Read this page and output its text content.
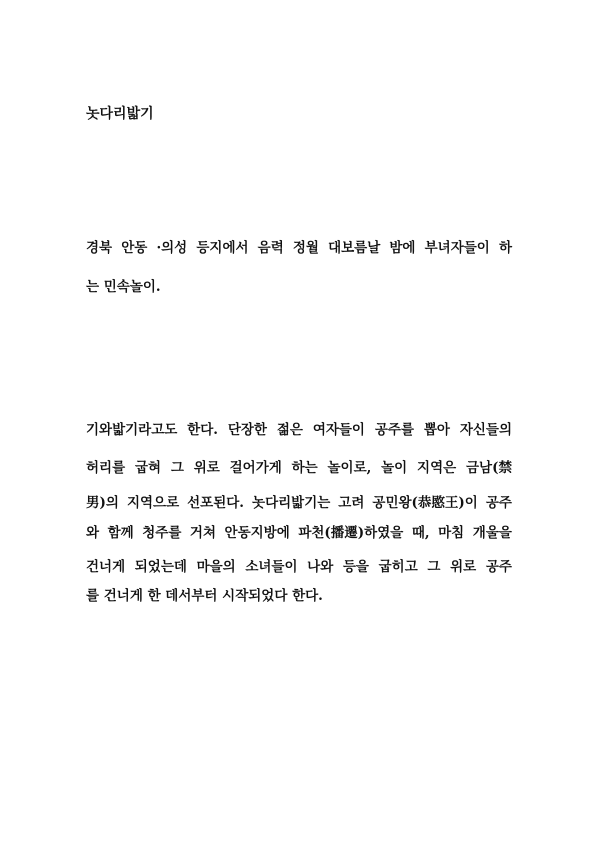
놋다리밟기
경북 안동 ·의성 등지에서 음력 정월 대보름날 밤에 부녀자들이 하
는 민속놀이.
기와밟기라고도 한다. 단장한 젊은 여자들이 공주를 뽑아 자신들의
허리를 굽혀 그 위로 걸어가게 하는 놀이로, 놀이 지역은 금남(禁
男)의 지역으로 선포된다. 놋다리밟기는 고려 공민왕(恭愍王)이 공주
와 함께 청주를 거쳐 안동지방에 파천(播遷)하였을 때, 마침 개울을
건너게 되었는데 마을의 소녀들이 나와 등을 굽히고 그 위로 공주
를 건너게 한 데서부터 시작되었다 한다.
